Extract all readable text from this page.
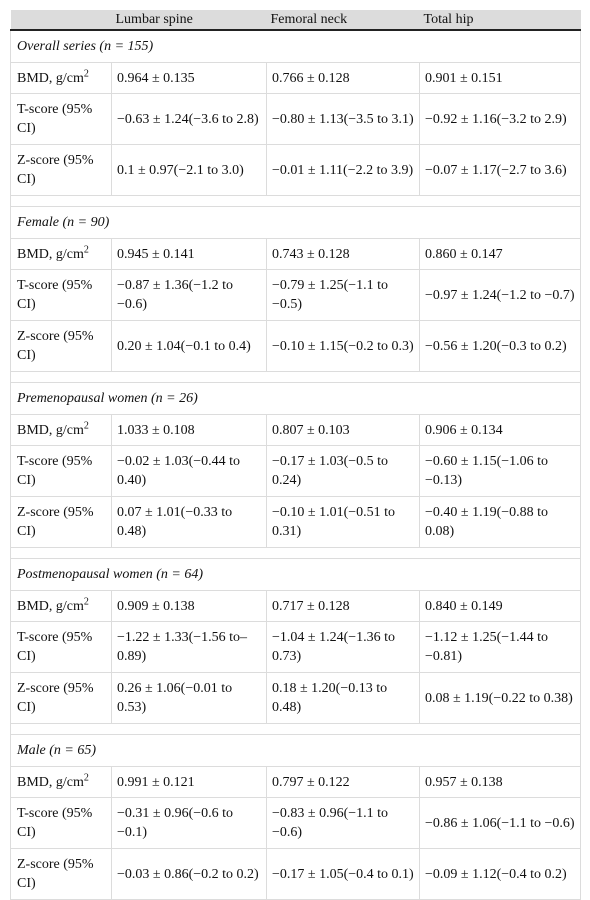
	Lumbar spine	Femoral neck	Total hip
Overall series (n = 155)			
BMD, $g/cm^2$	0.964 ± 0.135	0.766 ± 0.128	0.901 ± 0.151
T-score (95% CI)	−0.63 ± 1.24(−3.6 to 2.8)	−0.80 ± 1.13(−3.5 to 3.1)	−0.92 ± 1.16(−3.2 to 2.9)
Z-score (95% CI)	0.1 ± 0.97(−2.1 to 3.0)	−0.01 ± 1.11(−2.2 to 3.9)	−0.07 ± 1.17(−2.7 to 3.6)

Female (n = 90)			
BMD, $g/cm^2$	0.945 ± 0.141	0.743 ± 0.128	0.860 ± 0.147
T-score (95% CI)	−0.87 ± 1.36(−1.2 to −0.6)	−0.79 ± 1.25(−1.1 to −0.5)	−0.97 ± 1.24(−1.2 to −0.7)
Z-score (95% CI)	0.20 ± 1.04(−0.1 to 0.4)	−0.10 ± 1.15(−0.2 to 0.3)	−0.56 ± 1.20(−0.3 to 0.2)

Premenopausal women (n = 26)			
BMD, $g/cm^2$	1.033 ± 0.108	0.807 ± 0.103	0.906 ± 0.134
T-score (95% CI)	−0.02 ± 1.03(−0.44 to 0.40)	−0.17 ± 1.03(−0.5 to 0.24)	−0.60 ± 1.15(−1.06 to −0.13)
Z-score (95% CI)	0.07 ± 1.01(−0.33 to 0.48)	−0.10 ± 1.01(−0.51 to 0.31)	−0.40 ± 1.19(−0.88 to 0.08)

Postmenopausal women (n = 64)			
BMD, $g/cm^2$	0.909 ± 0.138	0.717 ± 0.128	0.840 ± 0.149
T-score (95% CI)	−1.22 ± 1.33(−1.56 to–0.89)	−1.04 ± 1.24(−1.36 to 0.73)	−1.12 ± 1.25(−1.44 to −0.81)
Z-score (95% CI)	0.26 ± 1.06(−0.01 to 0.53)	0.18 ± 1.20(−0.13 to 0.48)	0.08 ± 1.19(−0.22 to 0.38)

Male (n = 65)			
BMD, $g/cm^2$	0.991 ± 0.121	0.797 ± 0.122	0.957 ± 0.138
T-score (95% CI)	−0.31 ± 0.96(−0.6 to −0.1)	−0.83 ± 0.96(−1.1 to −0.6)	−0.86 ± 1.06(−1.1 to −0.6)
Z-score (95% CI)	−0.03 ± 0.86(−0.2 to 0.2)	−0.17 ± 1.05(−0.4 to 0.1)	−0.09 ± 1.12(−0.4 to 0.2)
